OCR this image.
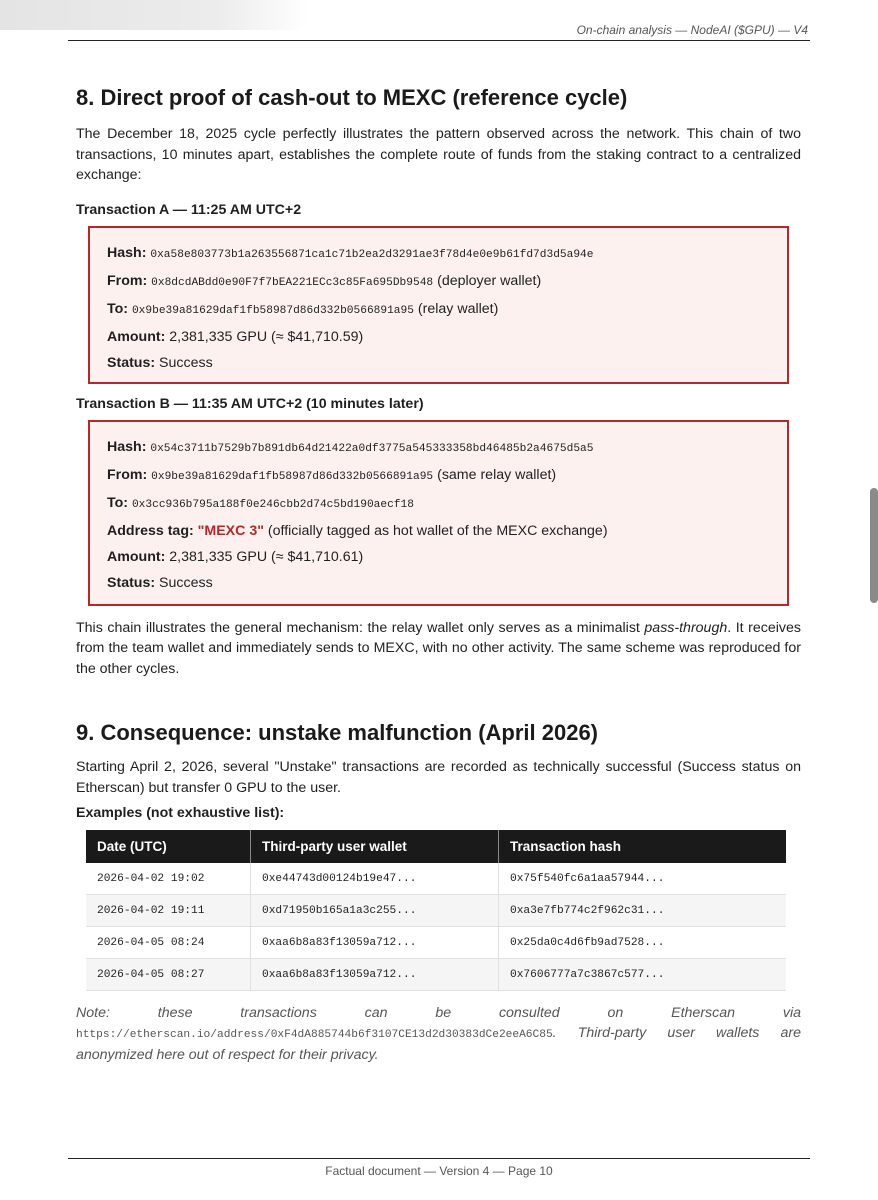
On-chain analysis — NodeAI ($GPU) — V4
8. Direct proof of cash-out to MEXC (reference cycle)

The December 18, 2025 cycle perfectly illustrates the pattern observed across the network. This chain of two transactions, 10 minutes apart, establishes the complete route of funds from the staking contract to a centralized exchange:

Transaction A — 11:25 AM UTC+2
Hash: 0xa58e803773b1a263556871ca1c71b2ea2d3291ae3f78d4e0e9b61fd7d3d5a94e
From: 0x8dcdABdd0e90F7f7bEA221ECc3c85Fa695Db9548 (deployer wallet)
To: 0x9be39a81629daf1fb58987d86d332b0566891a95 (relay wallet)
Amount: 2,381,335 GPU (≈ $41,710.59)
Status: Success
Transaction B — 11:35 AM UTC+2 (10 minutes later)
Hash: 0x54c3711b7529b7b891db64d21422a0df3775a545333358bd46485b2a4675d5a5
From: 0x9be39a81629daf1fb58987d86d332b0566891a95 (same relay wallet)
To: 0x3cc936b795a188f0e246cbb2d74c5bd190aecf18
Address tag: "MEXC 3" (officially tagged as hot wallet of the MEXC exchange)
Amount: 2,381,335 GPU (≈ $41,710.61)
Status: Success

This chain illustrates the general mechanism: the relay wallet only serves as a minimalist pass-through. It receives from the team wallet and immediately sends to MEXC, with no other activity. The same scheme was reproduced for the other cycles.

9. Consequence: unstake malfunction (April 2026)

Starting April 2, 2026, several "Unstake" transactions are recorded as technically successful (Success status on Etherscan) but transfer 0 GPU to the user.

Examples (not exhaustive list):
Date (UTC)	Third-party user wallet	Transaction hash
2026-04-02 19:02	0xe44743d00124b19e47...	0x75f540fc6a1aa57944...
2026-04-02 19:11	0xd71950b165a1a3c255...	0xa3e7fb774c2f962c31...
2026-04-05 08:24	0xaa6b8a83f13059a712...	0x25da0c4d6fb9ad7528...
2026-04-05 08:27	0xaa6b8a83f13059a712...	0x7606777a7c3867c577...

Note: these transactions can be consulted on Etherscan via https://etherscan.io/address/0xF4dA885744b6f3107CE13d2d30383dCe2eeA6C85. Third-party user wallets are anonymized here out of respect for their privacy.

Factual document — Version 4 — Page 10
